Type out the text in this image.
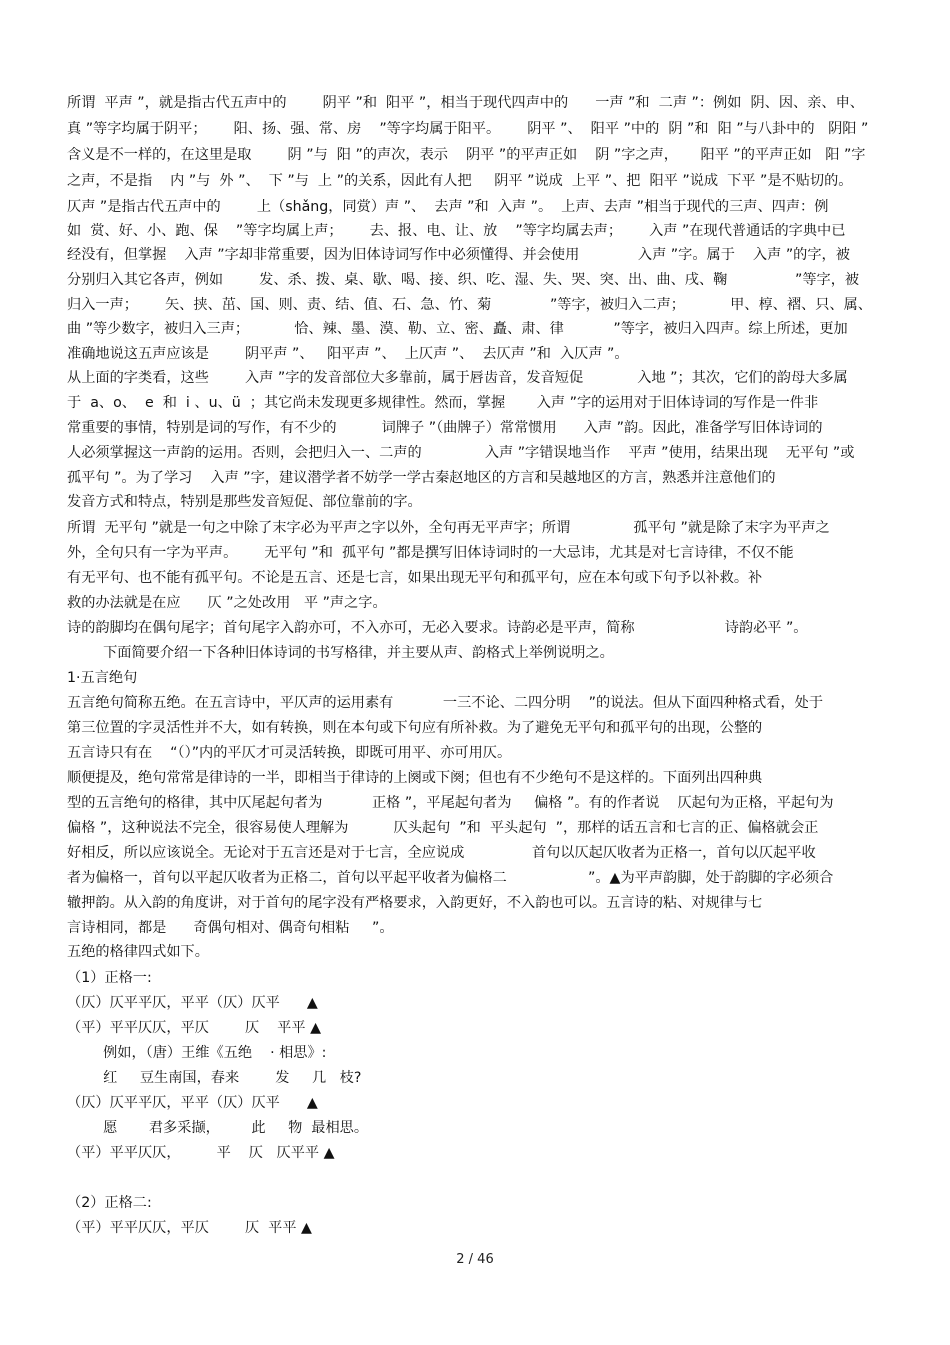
所谓  平声 ”，就是指古代五声中的        阴平 ”和  阳平 ”，相当于现代四声中的      一声 ”和  二声 ”：例如  阴、因、亲、申、
真 ”等字均属于阴平；      阳、扬、强、常、房    ”等字均属于阳平。      阴平 ”、  阳平 ”中的  阴 ”和  阳 ”与八卦中的   阴阳 ”
含义是不一样的，在这里是取        阴 ”与  阳 ”的声次，表示    阴平 ”的平声正如    阴 ”字之声，     阳平 ”的平声正如   阳 ”字
之声，不是指    内 ”与  外 ”、  下 ”与  上 ”的关系，因此有人把     阴平 ”说成  上平 ”、把  阳平 ”说成  下平 ”是不贴切的。
仄声 ”是指古代五声中的        上（shǎng，同赏）声 ”、  去声 ”和  入声 ”。  上声、去声 ”相当于现代的三声、四声：例
如  赏、好、小、跑、保    ”等字均属上声；      去、报、电、让、放    ”等字均属去声；      入声 ”在现代普通话的字典中已
经没有，但掌握    入声 ”字却非常重要，因为旧体诗词写作中必须懂得、并会使用             入声 ”字。属于    入声 ”的字，被
分别归入其它各声，例如        发、杀、拨、桌、歇、喝、接、织、吃、湿、失、哭、突、出、曲、戌、鞠               ”等字，被
归入一声；      矢、挟、茁、国、则、责、结、值、石、急、竹、菊             ”等字，被归入二声；          甲、椁、褶、只、属、
曲 ”等少数字，被归入三声；          恰、辣、墨、漠、勒、立、密、矗、肃、律           ”等字，被归入四声。综上所述，更加
准确地说这五声应该是        阴平声 ”、   阳平声 ”、  上仄声 ”、  去仄声 ”和  入仄声 ”。
从上面的字类看，这些        入声 ”字的发音部位大多靠前，属于唇齿音，发音短促            入地 ”；其次，它们的韵母大多属
于  a、o、  e  和  i 、u、ü  ；其它尚未发现更多规律性。然而，掌握       入声 ”字的运用对于旧体诗词的写作是一件非
常重要的事情，特别是词的写作，有不少的          词牌子 ”（曲牌子）常常惯用      入声 ”韵。因此，准备学写旧体诗词的
人必须掌握这一声韵的运用。否则，会把归入一、二声的              入声 ”字错误地当作    平声 ”使用，结果出现    无平句 ”或
孤平句 ”。为了学习    入声 ”字，建议潜学者不妨学一学古秦赵地区的方言和吴越地区的方言，熟悉并注意他们的
发音方式和特点，特别是那些发音短促、部位靠前的字。
所谓  无平句 ”就是一句之中除了末字必为平声之字以外，全句再无平声字；所谓              孤平句 ”就是除了末字为平声之
外，全句只有一字为平声。      无平句 ”和  孤平句 ”都是撰写旧体诗词时的一大忌讳，尤其是对七言诗律，不仅不能
有无平句、也不能有孤平句。不论是五言、还是七言，如果出现无平句和孤平句，应在本句或下句予以补救。补
救的办法就是在应      仄 ”之处改用   平 ”声之字。
诗的韵脚均在偶句尾字；首句尾字入韵亦可，不入亦可，无必入要求。诗韵必是平声，简称                    诗韵必平 ”。
下面简要介绍一下各种旧体诗词的书写格律，并主要从声、韵格式上举例说明之。
1·五言绝句
五言绝句简称五绝。在五言诗中，平仄声的运用素有           一三不论、二四分明    ”的说法。但从下面四种格式看，处于
第三位置的字灵活性并不大，如有转换，则在本句或下句应有所补救。为了避免无平句和孤平句的出现，公整的
五言诗只有在    “（）”内的平仄才可灵活转换，即既可用平、亦可用仄。
顺便提及，绝句常常是律诗的一半，即相当于律诗的上阕或下阕；但也有不少绝句不是这样的。下面列出四种典
型的五言绝句的格律，其中仄尾起句者为           正格 ”，平尾起句者为     偏格 ”。有的作者说    仄起句为正格，平起句为
偏格 ”，这种说法不完全，很容易使人理解为          仄头起句  ”和  平头起句  ”，那样的话五言和七言的正、偏格就会正
好相反，所以应该说全。无论对于五言还是对于七言，全应说成               首句以仄起仄收者为正格一，首句以仄起平收
者为偏格一，首句以平起仄收者为正格二，首句以平起平收者为偏格二                  ”。▲为平声韵脚，处于韵脚的字必须合
辙押韵。从入韵的角度讲，对于首句的尾字没有严格要求，入韵更好，不入韵也可以。五言诗的粘、对规律与七
言诗相同，都是      奇偶句相对、偶奇句相粘     ”。
五绝的格律四式如下。
（1）正格一:
（仄）仄平平仄，平平（仄）仄平      ▲
（平）平平仄仄，平仄        仄    平平 ▲
例如，（唐）王维《五绝    · 相思》:
红     豆生南国，春来        发     几   枝?
（仄）仄平平仄，平平（仄）仄平      ▲
愿       君多采撷，       此     物  最相思。
（平）平平仄仄，        平    仄   仄平平 ▲
（2）正格二:
（平）平平仄仄，平仄        仄  平平 ▲
2 / 46
